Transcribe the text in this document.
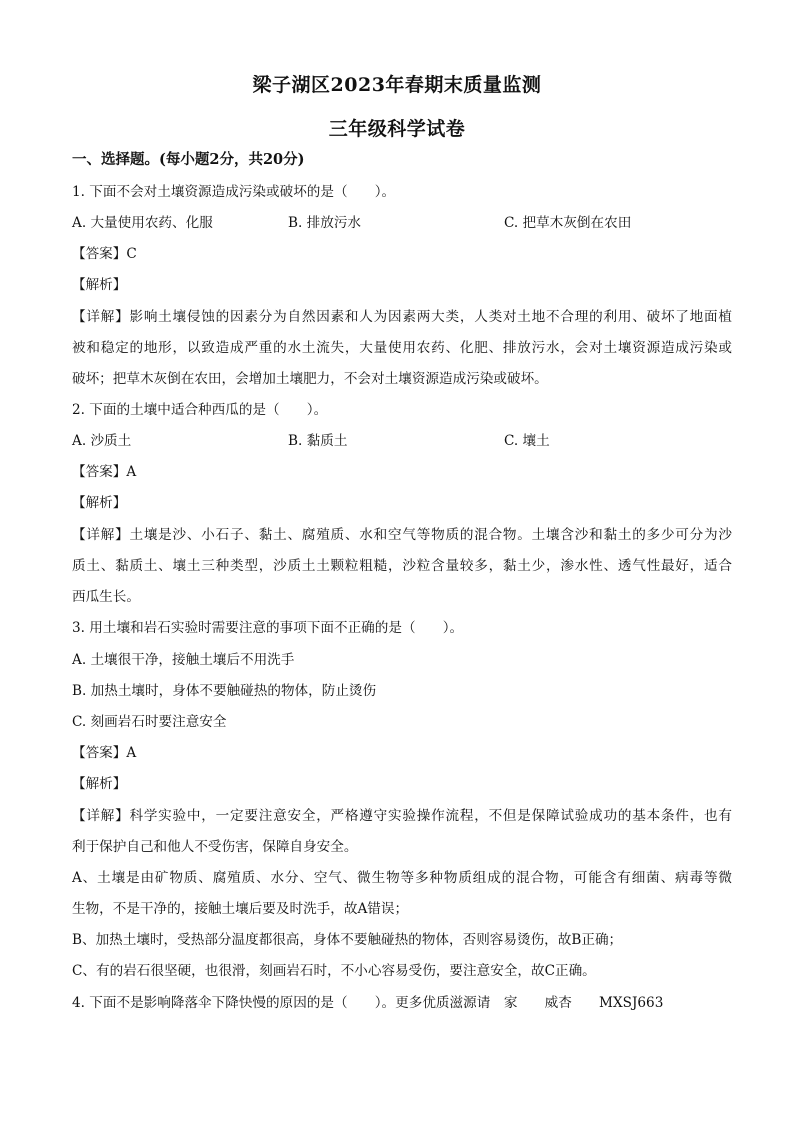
梁子湖区2023年春期末质量监测
三年级科学试卷
一、选择题。(每小题2分，共20分)
1. 下面不会对土壤资源造成污染或破坏的是（　　）。
A. 大量使用农药、化服	B. 排放污水	C. 把草木灰倒在农田
【答案】C
【解析】
【详解】影响土壤侵蚀的因素分为自然因素和人为因素两大类，人类对土地不合理的利用、破坏了地面植
被和稳定的地形，以致造成严重的水土流失，大量使用农药、化肥、排放污水，会对土壤资源造成污染或
破坏；把草木灰倒在农田，会增加土壤肥力，不会对土壤资源造成污染或破坏。
2. 下面的土壤中适合种西瓜的是（　　）。
A. 沙质土	B. 黏质土	C. 壤土
【答案】A
【解析】
【详解】土壤是沙、小石子、黏土、腐殖质、水和空气等物质的混合物。土壤含沙和黏土的多少可分为沙
质土、黏质土、壤土三种类型，沙质土土颗粒粗糙，沙粒含量较多，黏土少，渗水性、透气性最好，适合
西瓜生长。
3. 用土壤和岩石实验时需要注意的事项下面不正确的是（　　）。
A. 土壤很干净，接触土壤后不用洗手
B. 加热土壤时，身体不要触碰热的物体，防止烫伤
C. 刻画岩石时要注意安全
【答案】A
【解析】
【详解】科学实验中，一定要注意安全，严格遵守实验操作流程，不但是保障试验成功的基本条件，也有
利于保护自己和他人不受伤害，保障自身安全。
A、土壤是由矿物质、腐殖质、水分、空气、微生物等多种物质组成的混合物，可能含有细菌、病毒等微
生物，不是干净的，接触土壤后要及时洗手，故A错误；
B、加热土壤时，受热部分温度都很高，身体不要触碰热的物体，否则容易烫伤，故B正确；
C、有的岩石很坚硬，也很滑，刻画岩石时，不小心容易受伤，要注意安全，故C正确。
4. 下面不是影响降落伞下降快慢的原因的是（　　）。更多优质滋源请　家　　威杏　　MXSJ663
